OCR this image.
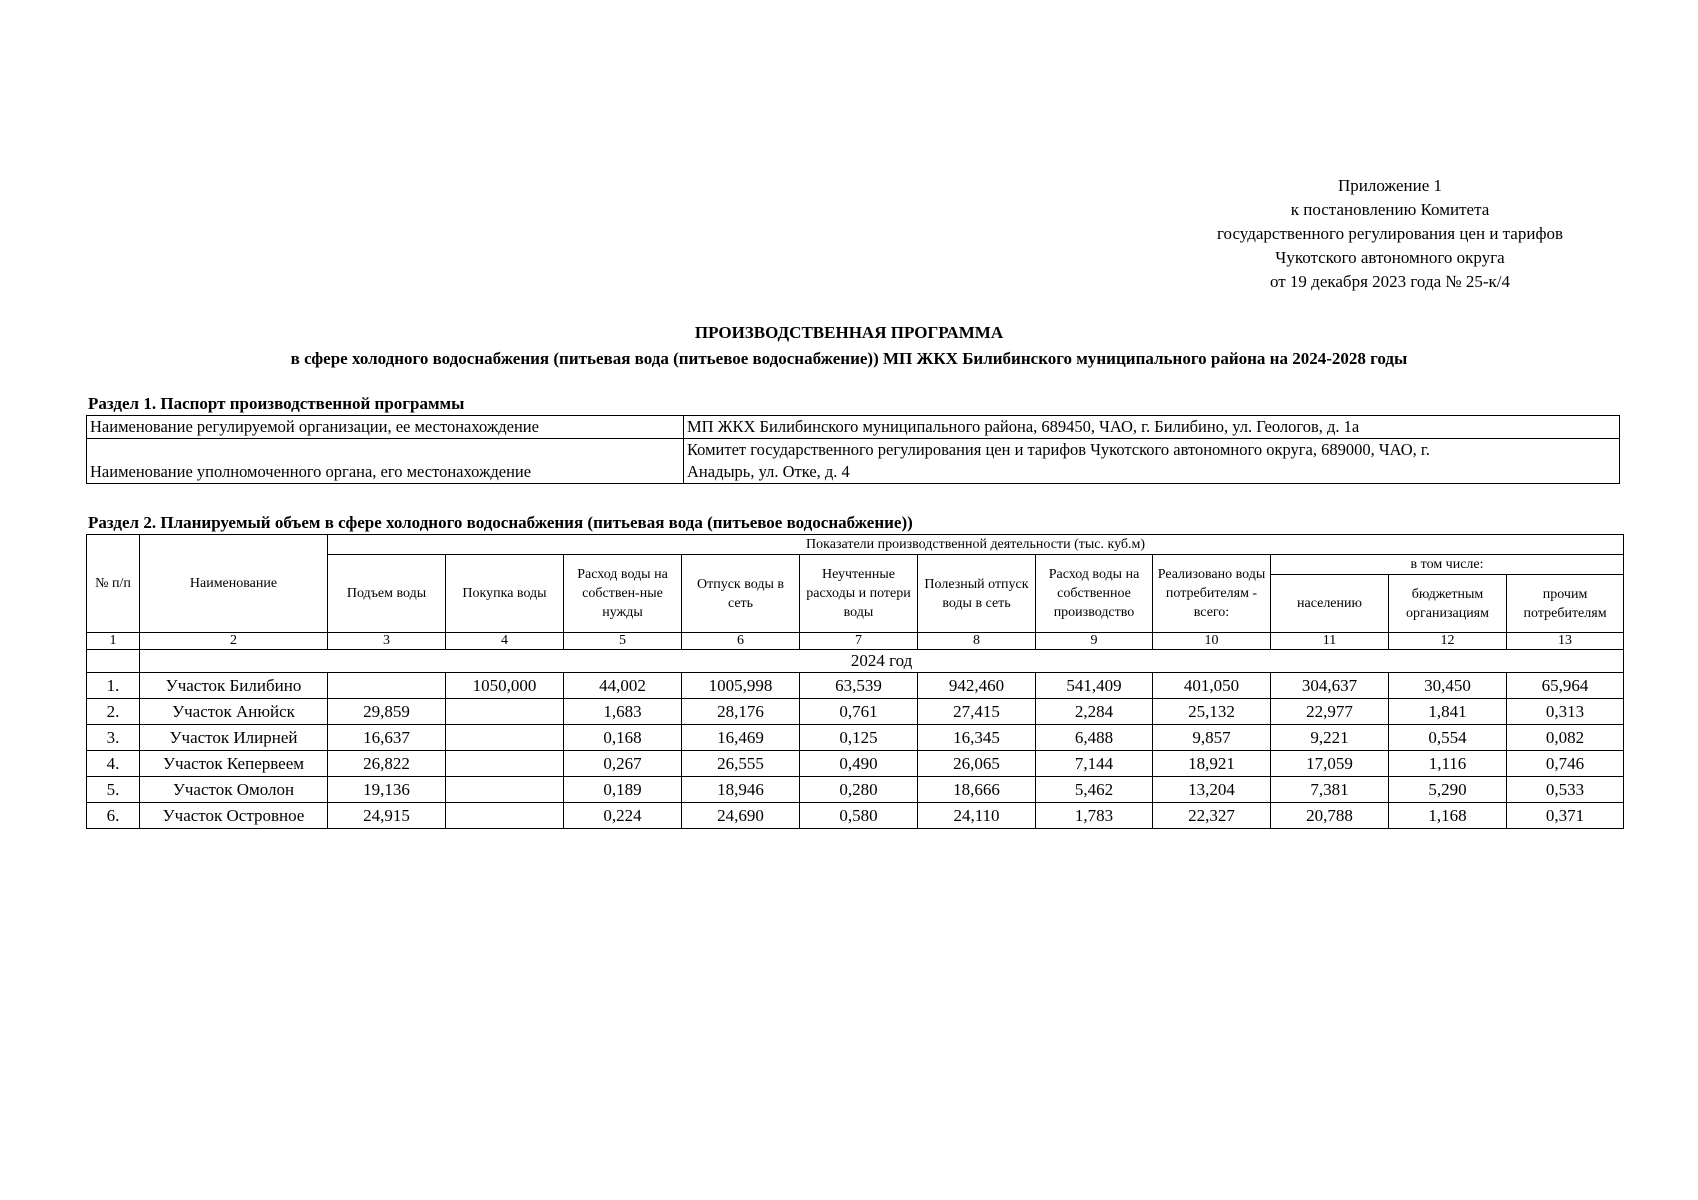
Приложение 1
к постановлению Комитета
государственного регулирования цен и тарифов
Чукотского автономного округа
от 19 декабря 2023 года № 25-к/4
ПРОИЗВОДСТВЕННАЯ ПРОГРАММА
в сфере холодного водоснабжения (питьевая вода (питьевое водоснабжение)) МП ЖКХ Билибинского муниципального района на 2024-2028 годы
Раздел 1. Паспорт производственной программы
Наименование регулируемой организации, ее местонахождение	МП ЖКХ Билибинского муниципального района, 689450, ЧАО, г. Билибино, ул. Геологов, д. 1а
Наименование уполномоченного органа, его местонахождение	Комитет государственного регулирования цен и тарифов Чукотского автономного округа, 689000, ЧАО, г.
Анадырь, ул. Отке, д. 4
Раздел 2. Планируемый объем в сфере холодного водоснабжения (питьевая вода (питьевое водоснабжение))
№ п/п	Наименование	Показатели производственной деятельности (тыс. куб.м)										
		Подъем воды	Покупка воды	Расход воды на собствен-ные нужды	Отпуск воды в сеть	Неучтенные расходы и потери воды	Полезный отпуск воды в сеть	Расход воды на собственное производство	Реализовано воды потребителям - всего:	в том числе:		
										населению	бюджетным организациям	прочим потребителям
1	2	3	4	5	6	7	8	9	10	11	12	13
	2024 год											
1.	Участок Билибино		1050,000	44,002	1005,998	63,539	942,460	541,409	401,050	304,637	30,450	65,964
2.	Участок Анюйск	29,859		1,683	28,176	0,761	27,415	2,284	25,132	22,977	1,841	0,313
3.	Участок Илирней	16,637		0,168	16,469	0,125	16,345	6,488	9,857	9,221	0,554	0,082
4.	Участок Кепервеем	26,822		0,267	26,555	0,490	26,065	7,144	18,921	17,059	1,116	0,746
5.	Участок Омолон	19,136		0,189	18,946	0,280	18,666	5,462	13,204	7,381	5,290	0,533
6.	Участок Островное	24,915		0,224	24,690	0,580	24,110	1,783	22,327	20,788	1,168	0,371
